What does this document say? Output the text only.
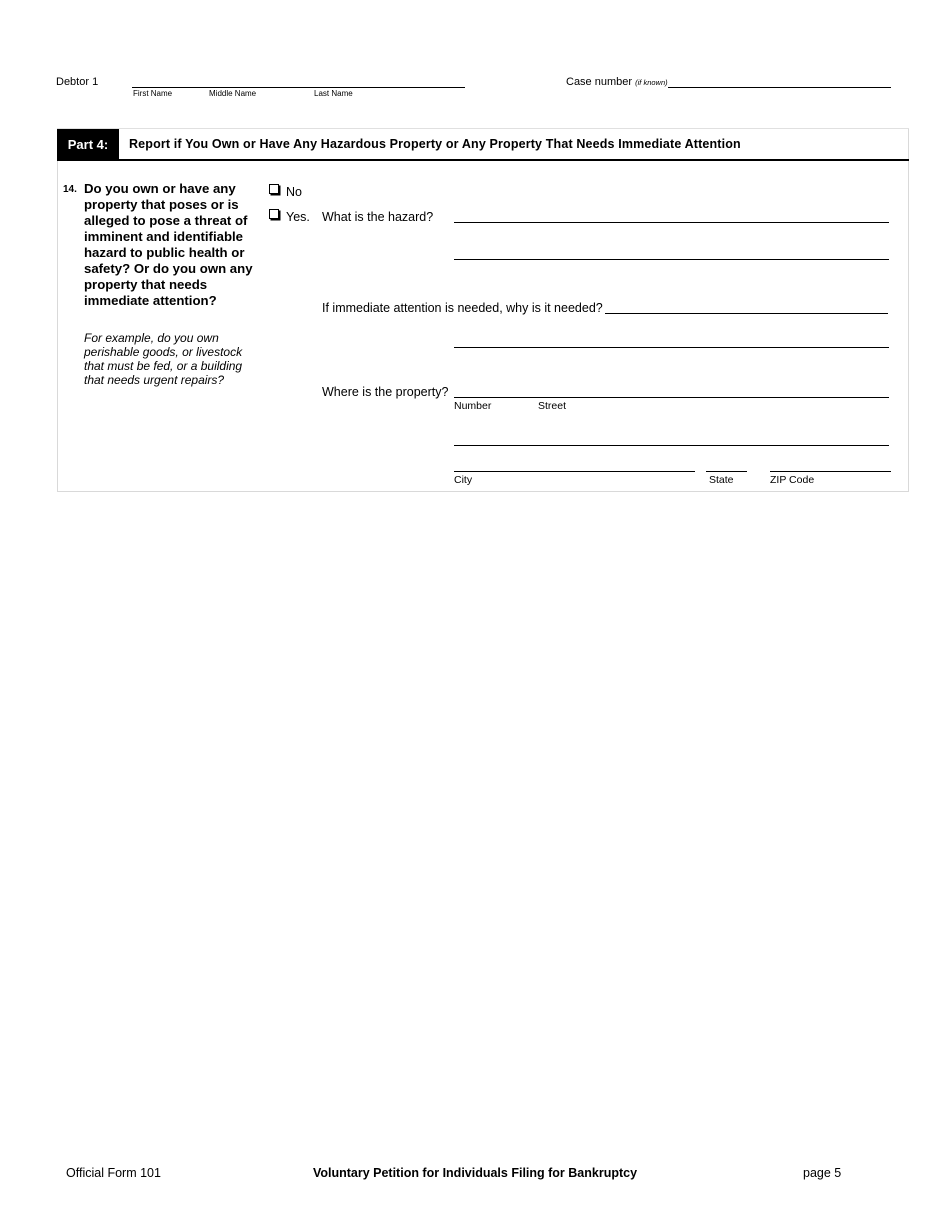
Debtor 1
First Name	Middle Name	Last Name
Case number (if known)
Part 4:	Report if You Own or Have Any Hazardous Property or Any Property That Needs Immediate Attention
14. Do you own or have any property that poses or is alleged to pose a threat of imminent and identifiable hazard to public health or safety? Or do you own any property that needs immediate attention?
For example, do you own perishable goods, or livestock that must be fed, or a building that needs urgent repairs?
No
Yes. What is the hazard?
If immediate attention is needed, why is it needed?
Where is the property?
Number	Street
City	State	ZIP Code
Official Form 101	Voluntary Petition for Individuals Filing for Bankruptcy	page 5
